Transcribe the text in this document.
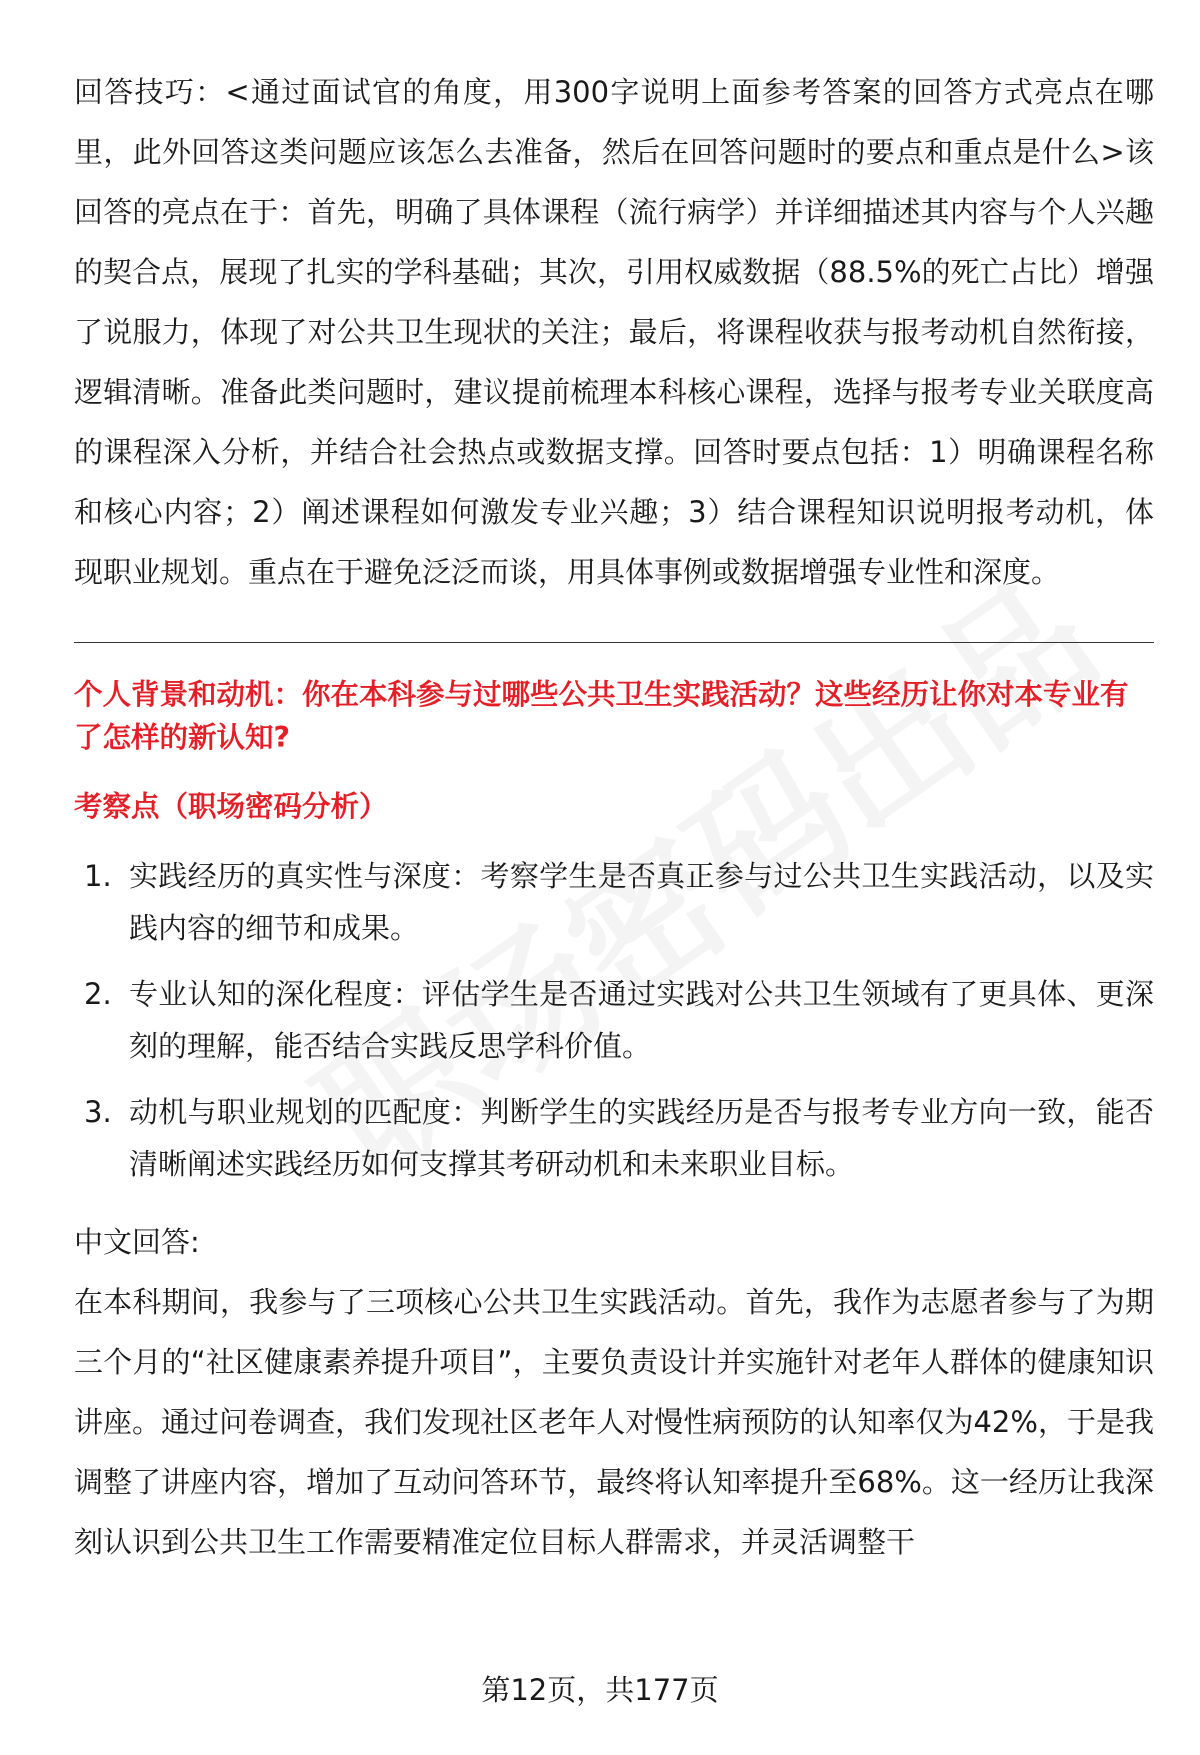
回答技巧：<通过面试官的角度，用300字说明上面参考答案的回答方式亮点在哪里，此外回答这类问题应该怎么去准备，然后在回答问题时的要点和重点是什么>该回答的亮点在于：首先，明确了具体课程（流行病学）并详细描述其内容与个人兴趣的契合点，展现了扎实的学科基础；其次，引用权威数据（88.5%的死亡占比）增强了说服力，体现了对公共卫生现状的关注；最后，将课程收获与报考动机自然衔接，逻辑清晰。准备此类问题时，建议提前梳理本科核心课程，选择与报考专业关联度高的课程深入分析，并结合社会热点或数据支撑。回答时要点包括：1）明确课程名称和核心内容；2）阐述课程如何激发专业兴趣；3）结合课程知识说明报考动机，体现职业规划。重点在于避免泛泛而谈，用具体事例或数据增强专业性和深度。

个人背景和动机：你在本科参与过哪些公共卫生实践活动？这些经历让你对本专业有了怎样的新认知?

考察点（职场密码分析）

1. 实践经历的真实性与深度：考察学生是否真正参与过公共卫生实践活动，以及实践内容的细节和成果。
2. 专业认知的深化程度：评估学生是否通过实践对公共卫生领域有了更具体、更深刻的理解，能否结合实践反思学科价值。
3. 动机与职业规划的匹配度：判断学生的实践经历是否与报考专业方向一致，能否清晰阐述实践经历如何支撑其考研动机和未来职业目标。

中文回答:

在本科期间，我参与了三项核心公共卫生实践活动。首先，我作为志愿者参与了为期三个月的“社区健康素养提升项目”，主要负责设计并实施针对老年人群体的健康知识讲座。通过问卷调查，我们发现社区老年人对慢性病预防的认知率仅为42%，于是我调整了讲座内容，增加了互动问答环节，最终将认知率提升至68%。这一经历让我深刻认识到公共卫生工作需要精准定位目标人群需求，并灵活调整干

第12页，共177页
